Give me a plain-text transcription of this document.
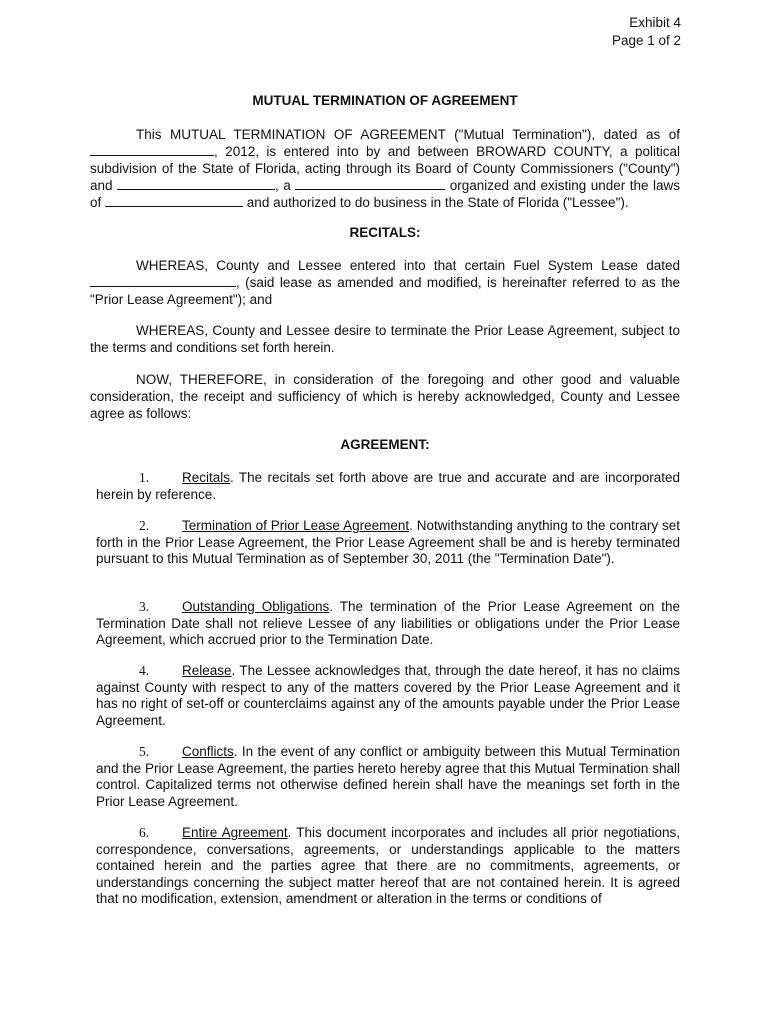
Exhibit 4
Page 1 of 2
MUTUAL TERMINATION OF AGREEMENT
This MUTUAL TERMINATION OF AGREEMENT ("Mutual Termination"), dated as of , 2012, is entered into by and between BROWARD COUNTY, a political subdivision of the State of Florida, acting through its Board of County Commissioners ("County") and	, a	organized and existing under the laws of	and authorized to do business in the State of Florida ("Lessee").
RECITALS:
WHEREAS, County and Lessee entered into that certain Fuel System Lease dated , (said lease as amended and modified, is hereinafter referred to as the "Prior Lease Agreement"); and
WHEREAS, County and Lessee desire to terminate the Prior Lease Agreement, subject to the terms and conditions set forth herein.
NOW, THEREFORE, in consideration of the foregoing and other good and valuable consideration, the receipt and sufficiency of which is hereby acknowledged, County and Lessee agree as follows:
AGREEMENT:
1. Recitals. The recitals set forth above are true and accurate and are incorporated herein by reference.
2. Termination of Prior Lease Agreement. Notwithstanding anything to the contrary set forth in the Prior Lease Agreement, the Prior Lease Agreement shall be and is hereby terminated pursuant to this Mutual Termination as of September 30, 2011 (the "Termination Date").
3. Outstanding Obligations. The termination of the Prior Lease Agreement on the Termination Date shall not relieve Lessee of any liabilities or obligations under the Prior Lease Agreement, which accrued prior to the Termination Date.
4. Release. The Lessee acknowledges that, through the date hereof, it has no claims against County with respect to any of the matters covered by the Prior Lease Agreement and it has no right of set-off or counterclaims against any of the amounts payable under the Prior Lease Agreement.
5. Conflicts. In the event of any conflict or ambiguity between this Mutual Termination and the Prior Lease Agreement, the parties hereto hereby agree that this Mutual Termination shall control. Capitalized terms not otherwise defined herein shall have the meanings set forth in the Prior Lease Agreement.
6. Entire Agreement. This document incorporates and includes all prior negotiations, correspondence, conversations, agreements, or understandings applicable to the matters contained herein and the parties agree that there are no commitments, agreements, or understandings concerning the subject matter hereof that are not contained herein. It is agreed that no modification, extension, amendment or alteration in the terms or conditions of
